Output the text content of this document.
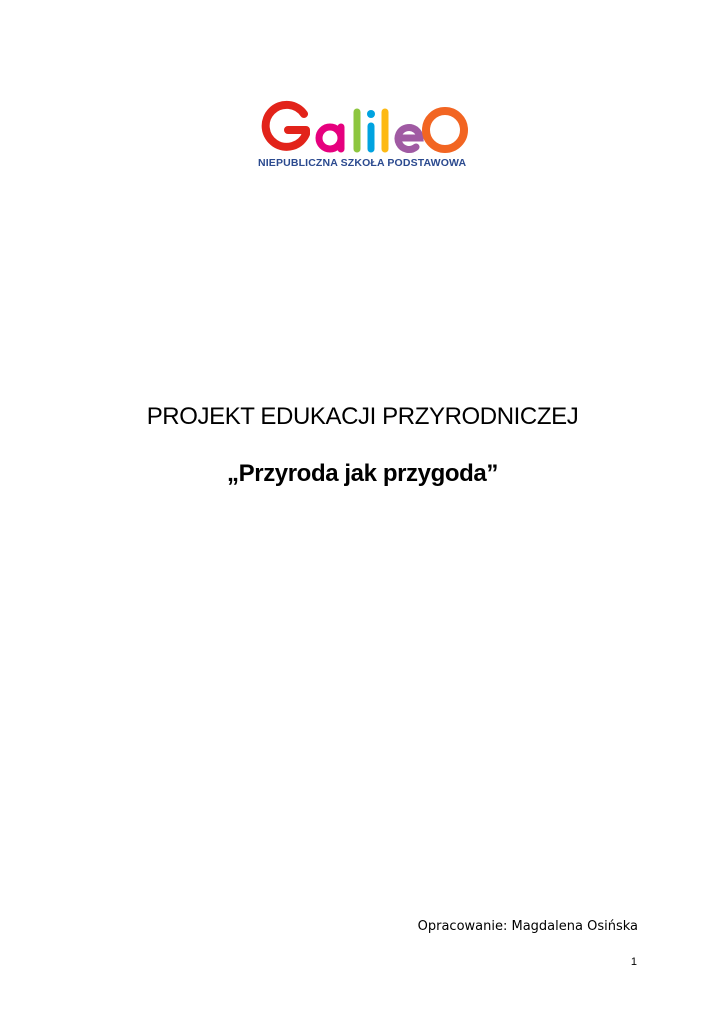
NIEPUBLICZNA SZKOŁA PODSTAWOWA
PROJEKT EDUKACJI PRZYRODNICZEJ
„Przyroda jak przygoda”
Opracowanie: Magdalena Osińska
1
